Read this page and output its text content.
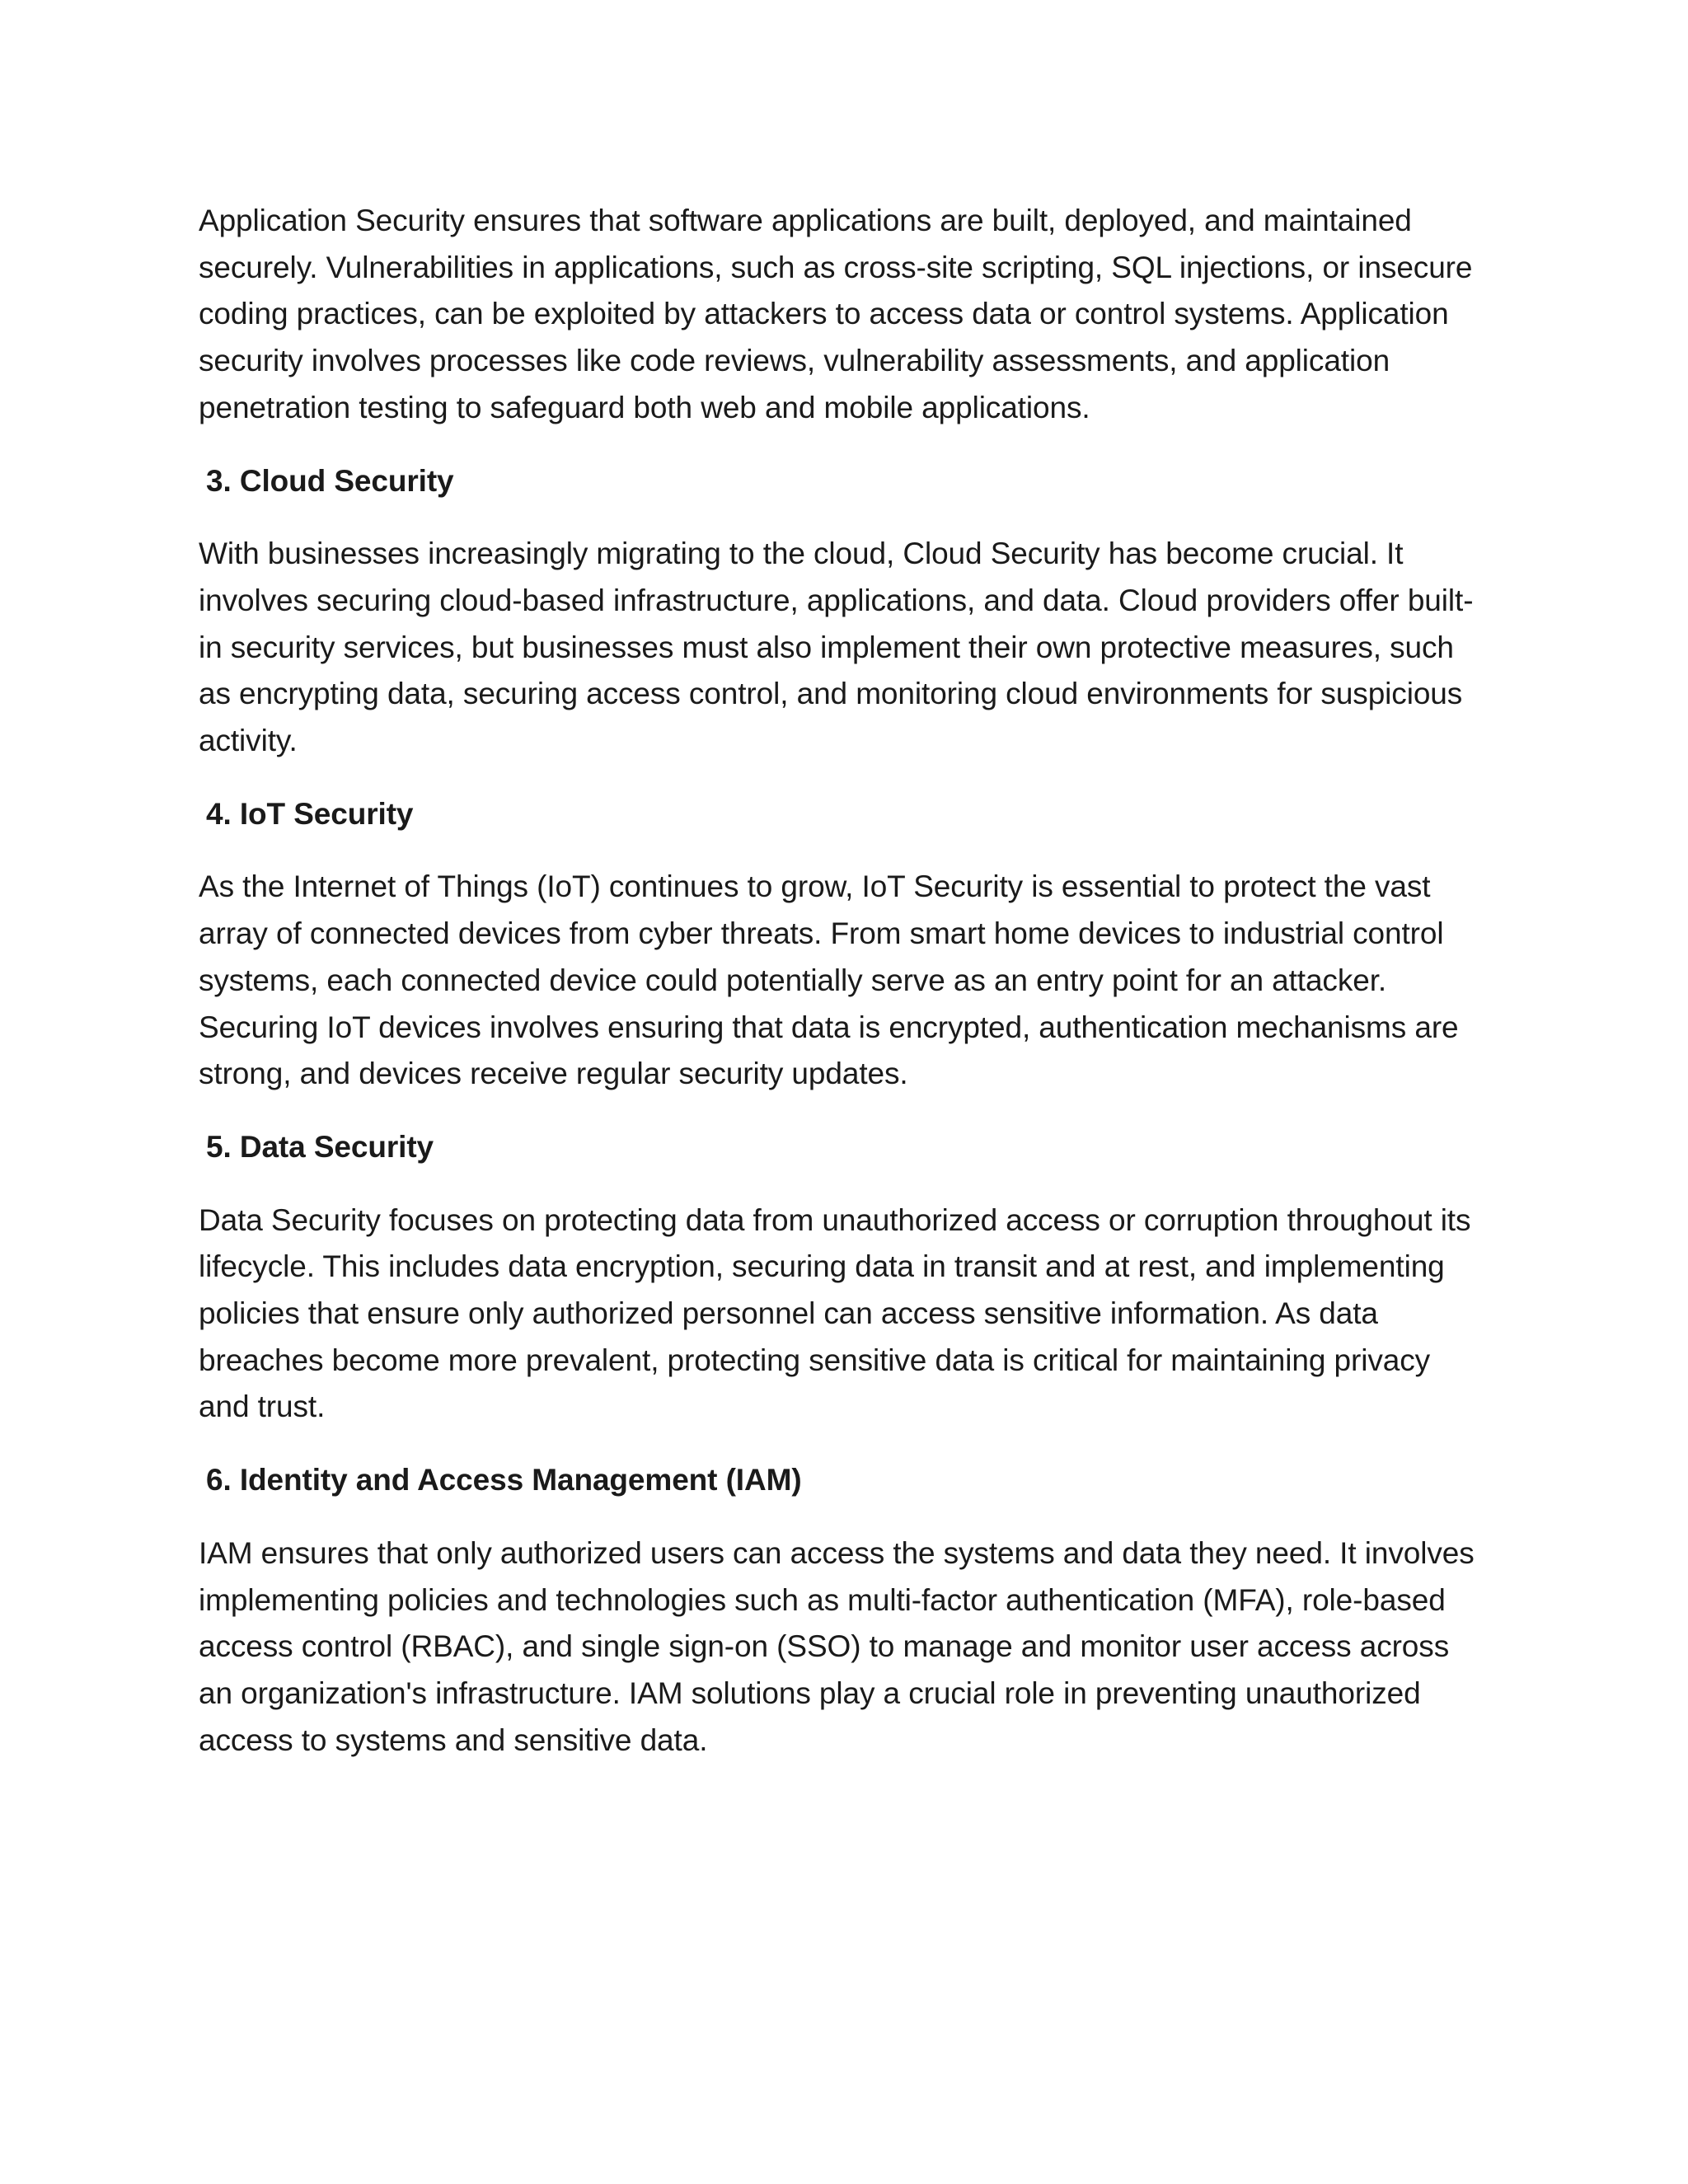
Application Security ensures that software applications are built, deployed, and maintained securely. Vulnerabilities in applications, such as cross-site scripting, SQL injections, or insecure coding practices, can be exploited by attackers to access data or control systems. Application security involves processes like code reviews, vulnerability assessments, and application penetration testing to safeguard both web and mobile applications.

3. Cloud Security

With businesses increasingly migrating to the cloud, Cloud Security has become crucial. It involves securing cloud-based infrastructure, applications, and data. Cloud providers offer built-in security services, but businesses must also implement their own protective measures, such as encrypting data, securing access control, and monitoring cloud environments for suspicious activity.

4. IoT Security

As the Internet of Things (IoT) continues to grow, IoT Security is essential to protect the vast array of connected devices from cyber threats. From smart home devices to industrial control systems, each connected device could potentially serve as an entry point for an attacker. Securing IoT devices involves ensuring that data is encrypted, authentication mechanisms are strong, and devices receive regular security updates.

5. Data Security

Data Security focuses on protecting data from unauthorized access or corruption throughout its lifecycle. This includes data encryption, securing data in transit and at rest, and implementing policies that ensure only authorized personnel can access sensitive information. As data breaches become more prevalent, protecting sensitive data is critical for maintaining privacy and trust.

6. Identity and Access Management (IAM)

IAM ensures that only authorized users can access the systems and data they need. It involves implementing policies and technologies such as multi-factor authentication (MFA), role-based access control (RBAC), and single sign-on (SSO) to manage and monitor user access across an organization's infrastructure. IAM solutions play a crucial role in preventing unauthorized access to systems and sensitive data.
